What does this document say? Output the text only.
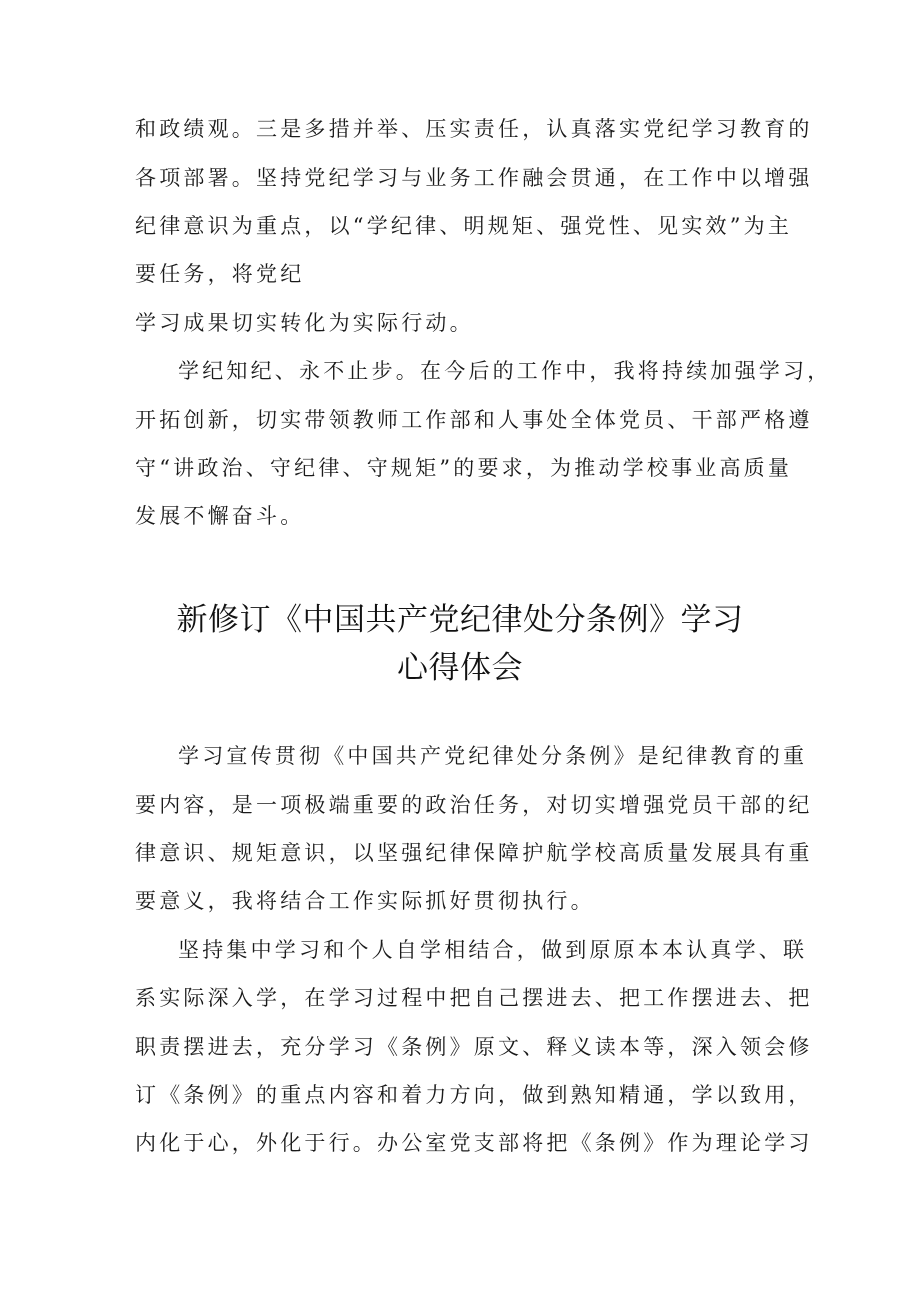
和政绩观。三是多措并举、压实责任，认真落实党纪学习教育的
各项部署。坚持党纪学习与业务工作融会贯通，在工作中以增强
纪律意识为重点，以“学纪律、明规矩、强党性、见实效”为主
要任务，将党纪
学习成果切实转化为实际行动。
学纪知纪、永不止步。在今后的工作中，我将持续加强学习，
开拓创新，切实带领教师工作部和人事处全体党员、干部严格遵
守“讲政治、守纪律、守规矩”的要求，为推动学校事业高质量
发展不懈奋斗。
新修订《中国共产党纪律处分条例》学习
心得体会
学习宣传贯彻《中国共产党纪律处分条例》是纪律教育的重
要内容，是一项极端重要的政治任务，对切实增强党员干部的纪
律意识、规矩意识，以坚强纪律保障护航学校高质量发展具有重
要意义，我将结合工作实际抓好贯彻执行。
坚持集中学习和个人自学相结合，做到原原本本认真学、联
系实际深入学，在学习过程中把自己摆进去、把工作摆进去、把
职责摆进去，充分学习《条例》原文、释义读本等，深入领会修
订《条例》的重点内容和着力方向，做到熟知精通，学以致用，
内化于心，外化于行。办公室党支部将把《条例》作为理论学习
